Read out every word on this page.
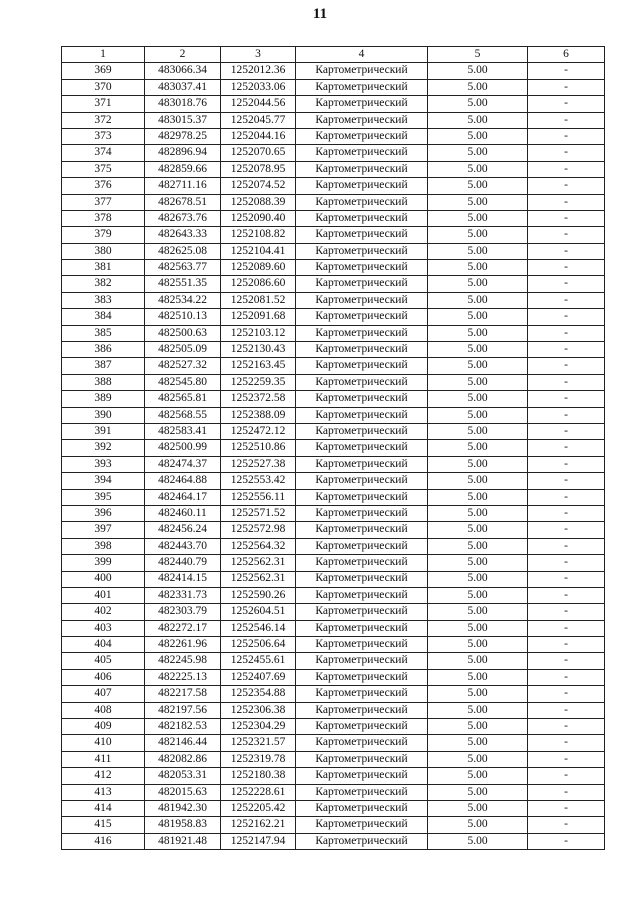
11
1	2	3	4	5	6
369	483066.34	1252012.36	Картометрический	5.00	-
370	483037.41	1252033.06	Картометрический	5.00	-
371	483018.76	1252044.56	Картометрический	5.00	-
372	483015.37	1252045.77	Картометрический	5.00	-
373	482978.25	1252044.16	Картометрический	5.00	-
374	482896.94	1252070.65	Картометрический	5.00	-
375	482859.66	1252078.95	Картометрический	5.00	-
376	482711.16	1252074.52	Картометрический	5.00	-
377	482678.51	1252088.39	Картометрический	5.00	-
378	482673.76	1252090.40	Картометрический	5.00	-
379	482643.33	1252108.82	Картометрический	5.00	-
380	482625.08	1252104.41	Картометрический	5.00	-
381	482563.77	1252089.60	Картометрический	5.00	-
382	482551.35	1252086.60	Картометрический	5.00	-
383	482534.22	1252081.52	Картометрический	5.00	-
384	482510.13	1252091.68	Картометрический	5.00	-
385	482500.63	1252103.12	Картометрический	5.00	-
386	482505.09	1252130.43	Картометрический	5.00	-
387	482527.32	1252163.45	Картометрический	5.00	-
388	482545.80	1252259.35	Картометрический	5.00	-
389	482565.81	1252372.58	Картометрический	5.00	-
390	482568.55	1252388.09	Картометрический	5.00	-
391	482583.41	1252472.12	Картометрический	5.00	-
392	482500.99	1252510.86	Картометрический	5.00	-
393	482474.37	1252527.38	Картометрический	5.00	-
394	482464.88	1252553.42	Картометрический	5.00	-
395	482464.17	1252556.11	Картометрический	5.00	-
396	482460.11	1252571.52	Картометрический	5.00	-
397	482456.24	1252572.98	Картометрический	5.00	-
398	482443.70	1252564.32	Картометрический	5.00	-
399	482440.79	1252562.31	Картометрический	5.00	-
400	482414.15	1252562.31	Картометрический	5.00	-
401	482331.73	1252590.26	Картометрический	5.00	-
402	482303.79	1252604.51	Картометрический	5.00	-
403	482272.17	1252546.14	Картометрический	5.00	-
404	482261.96	1252506.64	Картометрический	5.00	-
405	482245.98	1252455.61	Картометрический	5.00	-
406	482225.13	1252407.69	Картометрический	5.00	-
407	482217.58	1252354.88	Картометрический	5.00	-
408	482197.56	1252306.38	Картометрический	5.00	-
409	482182.53	1252304.29	Картометрический	5.00	-
410	482146.44	1252321.57	Картометрический	5.00	-
411	482082.86	1252319.78	Картометрический	5.00	-
412	482053.31	1252180.38	Картометрический	5.00	-
413	482015.63	1252228.61	Картометрический	5.00	-
414	481942.30	1252205.42	Картометрический	5.00	-
415	481958.83	1252162.21	Картометрический	5.00	-
416	481921.48	1252147.94	Картометрический	5.00	-
